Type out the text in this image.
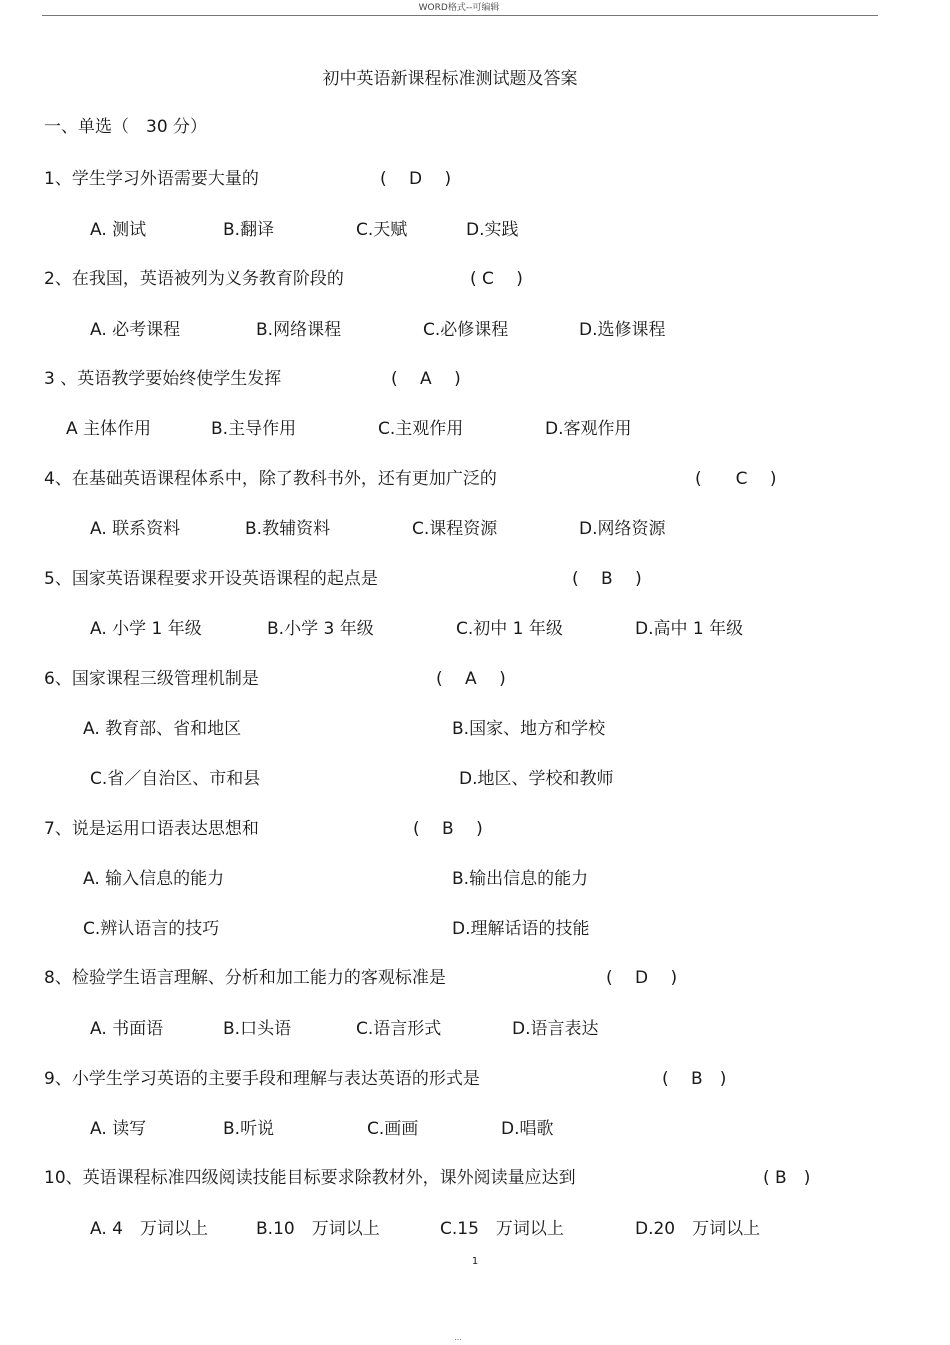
WORD格式--可编辑
初中英语新课程标准测试题及答案
一、单选（　30 分）
1、学生学习外语需要大量的	(　 D　 )
A. 测试	B.翻译	C.天赋	D.实践
2、在我国，英语被列为义务教育阶段的	( C　 )
A. 必考课程	B.网络课程	C.必修课程	D.选修课程
3 、英语教学要始终使学生发挥	(　 A　 )
A 主体作用	B.主导作用	C.主观作用	D.客观作用
4、在基础英语课程体系中，除了教科书外，还有更加广泛的	(　　C　 )
A. 联系资料	B.教辅资料	C.课程资源	D.网络资源
5、国家英语课程要求开设英语课程的起点是	(　 B　 )
A. 小学 1 年级	B.小学 3 年级	C.初中 1 年级	D.高中 1 年级
6、国家课程三级管理机制是	(　 A　 )
A. 教育部、省和地区	B.国家、地方和学校
C.省／自治区、市和县	D.地区、学校和教师
7、说是运用口语表达思想和	(　 B　 )
A. 输入信息的能力	B.输出信息的能力
C.辨认语言的技巧	D.理解话语的技能
8、检验学生语言理解、分析和加工能力的客观标准是	(　 D　 )
A. 书面语	B.口头语	C.语言形式	D.语言表达
9、小学生学习英语的主要手段和理解与表达英语的形式是	(　 B　)
A. 读写	B.听说	C.画画	D.唱歌
10、英语课程标准四级阅读技能目标要求除教材外，课外阅读量应达到	( B　)
A. 4　万词以上	B.10　万词以上	C.15　万词以上	D.20　万词以上
1
...
